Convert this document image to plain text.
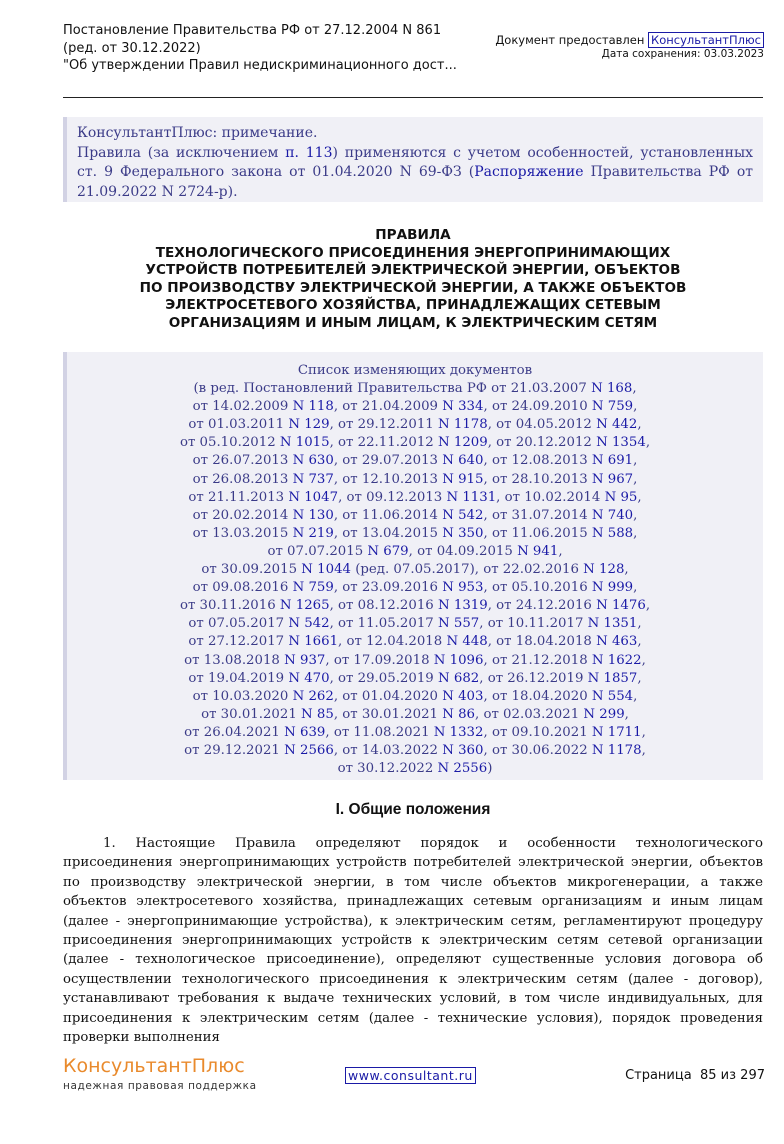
Постановление Правительства РФ от 27.12.2004 N 861
(ред. от 30.12.2022)
"Об утверждении Правил недискриминационного дост...
Документ предоставлен КонсультантПлюс
Дата сохранения: 03.03.2023
КонсультантПлюс: примечание.
Правила (за исключением п. 113) применяются с учетом особенностей, установленных ст. 9 Федерального закона от 01.04.2020 N 69-ФЗ (Распоряжение Правительства РФ от 21.09.2022 N 2724-р).
ПРАВИЛА
ТЕХНОЛОГИЧЕСКОГО ПРИСОЕДИНЕНИЯ ЭНЕРГОПРИНИМАЮЩИХ
УСТРОЙСТВ ПОТРЕБИТЕЛЕЙ ЭЛЕКТРИЧЕСКОЙ ЭНЕРГИИ, ОБЪЕКТОВ
ПО ПРОИЗВОДСТВУ ЭЛЕКТРИЧЕСКОЙ ЭНЕРГИИ, А ТАКЖЕ ОБЪЕКТОВ
ЭЛЕКТРОСЕТЕВОГО ХОЗЯЙСТВА, ПРИНАДЛЕЖАЩИХ СЕТЕВЫМ
ОРГАНИЗАЦИЯМ И ИНЫМ ЛИЦАМ, К ЭЛЕКТРИЧЕСКИМ СЕТЯМ
Список изменяющих документов
(в ред. Постановлений Правительства РФ от 21.03.2007 N 168,
от 14.02.2009 N 118, от 21.04.2009 N 334, от 24.09.2010 N 759,
от 01.03.2011 N 129, от 29.12.2011 N 1178, от 04.05.2012 N 442,
от 05.10.2012 N 1015, от 22.11.2012 N 1209, от 20.12.2012 N 1354,
от 26.07.2013 N 630, от 29.07.2013 N 640, от 12.08.2013 N 691,
от 26.08.2013 N 737, от 12.10.2013 N 915, от 28.10.2013 N 967,
от 21.11.2013 N 1047, от 09.12.2013 N 1131, от 10.02.2014 N 95,
от 20.02.2014 N 130, от 11.06.2014 N 542, от 31.07.2014 N 740,
от 13.03.2015 N 219, от 13.04.2015 N 350, от 11.06.2015 N 588,
от 07.07.2015 N 679, от 04.09.2015 N 941,
от 30.09.2015 N 1044 (ред. 07.05.2017), от 22.02.2016 N 128,
от 09.08.2016 N 759, от 23.09.2016 N 953, от 05.10.2016 N 999,
от 30.11.2016 N 1265, от 08.12.2016 N 1319, от 24.12.2016 N 1476,
от 07.05.2017 N 542, от 11.05.2017 N 557, от 10.11.2017 N 1351,
от 27.12.2017 N 1661, от 12.04.2018 N 448, от 18.04.2018 N 463,
от 13.08.2018 N 937, от 17.09.2018 N 1096, от 21.12.2018 N 1622,
от 19.04.2019 N 470, от 29.05.2019 N 682, от 26.12.2019 N 1857,
от 10.03.2020 N 262, от 01.04.2020 N 403, от 18.04.2020 N 554,
от 30.01.2021 N 85, от 30.01.2021 N 86, от 02.03.2021 N 299,
от 26.04.2021 N 639, от 11.08.2021 N 1332, от 09.10.2021 N 1711,
от 29.12.2021 N 2566, от 14.03.2022 N 360, от 30.06.2022 N 1178,
от 30.12.2022 N 2556)
I. Общие положения
1. Настоящие Правила определяют порядок и особенности технологического присоединения энергопринимающих устройств потребителей электрической энергии, объектов по производству электрической энергии, в том числе объектов микрогенерации, а также объектов электросетевого хозяйства, принадлежащих сетевым организациям и иным лицам (далее - энергопринимающие устройства), к электрическим сетям, регламентируют процедуру присоединения энергопринимающих устройств к электрическим сетям сетевой организации (далее - технологическое присоединение), определяют существенные условия договора об осуществлении технологического присоединения к электрическим сетям (далее - договор), устанавливают требования к выдаче технических условий, в том числе индивидуальных, для присоединения к электрическим сетям (далее - технические условия), порядок проведения проверки выполнения
КонсультантПлюс
надежная правовая поддержка
www.consultant.ru	Страница 85 из 297
